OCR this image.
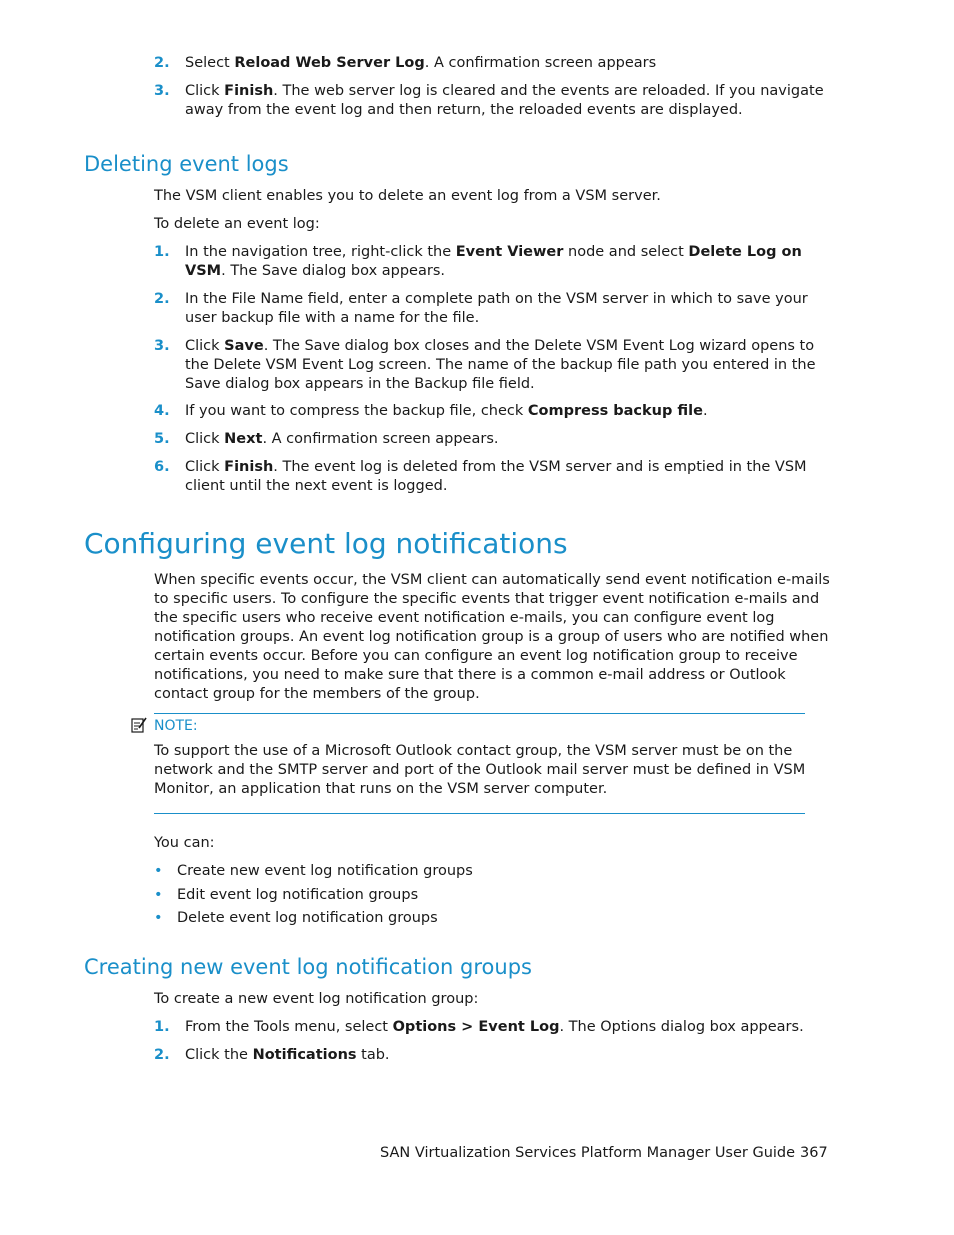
2. Select Reload Web Server Log. A confirmation screen appears
3. Click Finish. The web server log is cleared and the events are reloaded. If you navigate away from the event log and then return, the reloaded events are displayed.
Deleting event logs
The VSM client enables you to delete an event log from a VSM server.
To delete an event log:
1. In the navigation tree, right-click the Event Viewer node and select Delete Log on VSM. The Save dialog box appears.
2. In the File Name field, enter a complete path on the VSM server in which to save your user backup file with a name for the file.
3. Click Save. The Save dialog box closes and the Delete VSM Event Log wizard opens to the Delete VSM Event Log screen. The name of the backup file path you entered in the Save dialog box appears in the Backup file field.
4. If you want to compress the backup file, check Compress backup file.
5. Click Next. A confirmation screen appears.
6. Click Finish. The event log is deleted from the VSM server and is emptied in the VSM client until the next event is logged.
Configuring event log notifications
When specific events occur, the VSM client can automatically send event notification e-mails to specific users. To configure the specific events that trigger event notification e-mails and the specific users who receive event notification e-mails, you can configure event log notification groups. An event log notification group is a group of users who are notified when certain events occur. Before you can configure an event log notification group to receive notifications, you need to make sure that there is a common e-mail address or Outlook contact group for the members of the group.
NOTE:
To support the use of a Microsoft Outlook contact group, the VSM server must be on the network and the SMTP server and port of the Outlook mail server must be defined in VSM Monitor, an application that runs on the VSM server computer.
You can:
• Create new event log notification groups
• Edit event log notification groups
• Delete event log notification groups
Creating new event log notification groups
To create a new event log notification group:
1. From the Tools menu, select Options > Event Log. The Options dialog box appears.
2. Click the Notifications tab.
SAN Virtualization Services Platform Manager User Guide 367
